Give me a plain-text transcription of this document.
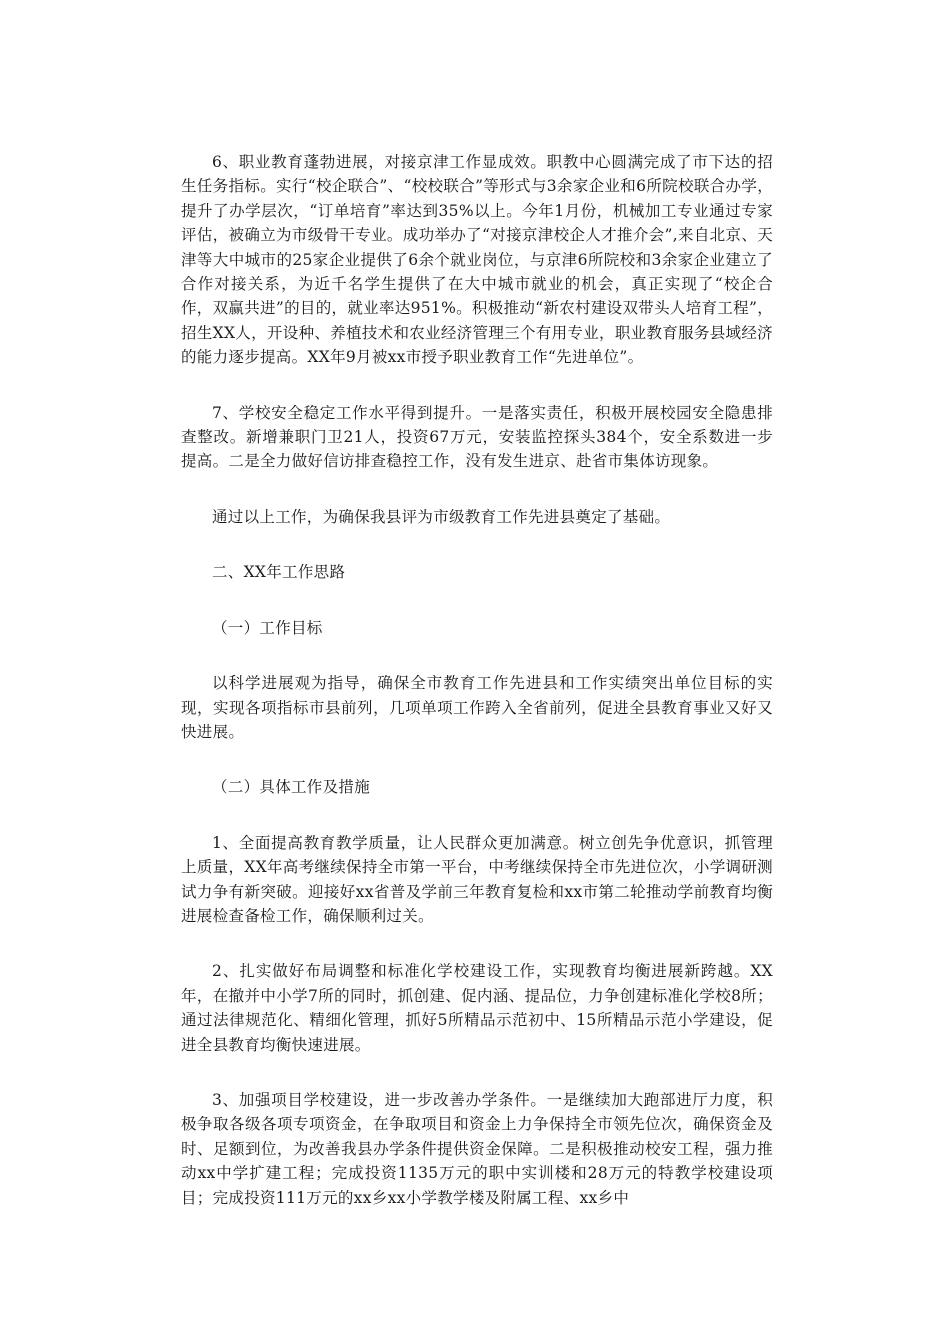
6、职业教育蓬勃进展，对接京津工作显成效。职教中心圆满完成了市下达的招生任务指标。实行“校企联合”、“校校联合”等形式与3余家企业和6所院校联合办学，提升了办学层次，“订单培育”率达到35%以上。今年1月份，机械加工专业通过专家评估，被确立为市级骨干专业。成功举办了“对接京津校企人才推介会”,来自北京、天津等大中城市的25家企业提供了6余个就业岗位，与京津6所院校和3余家企业建立了合作对接关系，为近千名学生提供了在大中城市就业的机会，真正实现了“校企合作，双赢共进”的目的，就业率达951%。积极推动“新农村建设双带头人培育工程”，招生XX人，开设种、养植技术和农业经济管理三个有用专业，职业教育服务县域经济的能力逐步提高。XX年9月被xx市授予职业教育工作“先进单位”。

7、学校安全稳定工作水平得到提升。一是落实责任，积极开展校园安全隐患排查整改。新增兼职门卫21人，投资67万元，安装监控探头384个，安全系数进一步提高。二是全力做好信访排查稳控工作，没有发生进京、赴省市集体访现象。

通过以上工作，为确保我县评为市级教育工作先进县奠定了基础。

二、XX年工作思路

（一）工作目标

以科学进展观为指导，确保全市教育工作先进县和工作实绩突出单位目标的实现，实现各项指标市县前列，几项单项工作跨入全省前列，促进全县教育事业又好又快进展。

（二）具体工作及措施

1、全面提高教育教学质量，让人民群众更加满意。树立创先争优意识，抓管理上质量，XX年高考继续保持全市第一平台，中考继续保持全市先进位次，小学调研测试力争有新突破。迎接好xx省普及学前三年教育复检和xx市第二轮推动学前教育均衡进展检查备检工作，确保顺利过关。

2、扎实做好布局调整和标准化学校建设工作，实现教育均衡进展新跨越。XX年，在撤并中小学7所的同时，抓创建、促内涵、提品位，力争创建标准化学校8所；通过法律规范化、精细化管理，抓好5所精品示范初中、15所精品示范小学建设，促进全县教育均衡快速进展。

3、加强项目学校建设，进一步改善办学条件。一是继续加大跑部进厅力度，积极争取各级各项专项资金，在争取项目和资金上力争保持全市领先位次，确保资金及时、足额到位，为改善我县办学条件提供资金保障。二是积极推动校安工程，强力推动xx中学扩建工程；完成投资1135万元的职中实训楼和28万元的特教学校建设项目；完成投资111万元的xx乡xx小学教学楼及附属工程、xx乡中
